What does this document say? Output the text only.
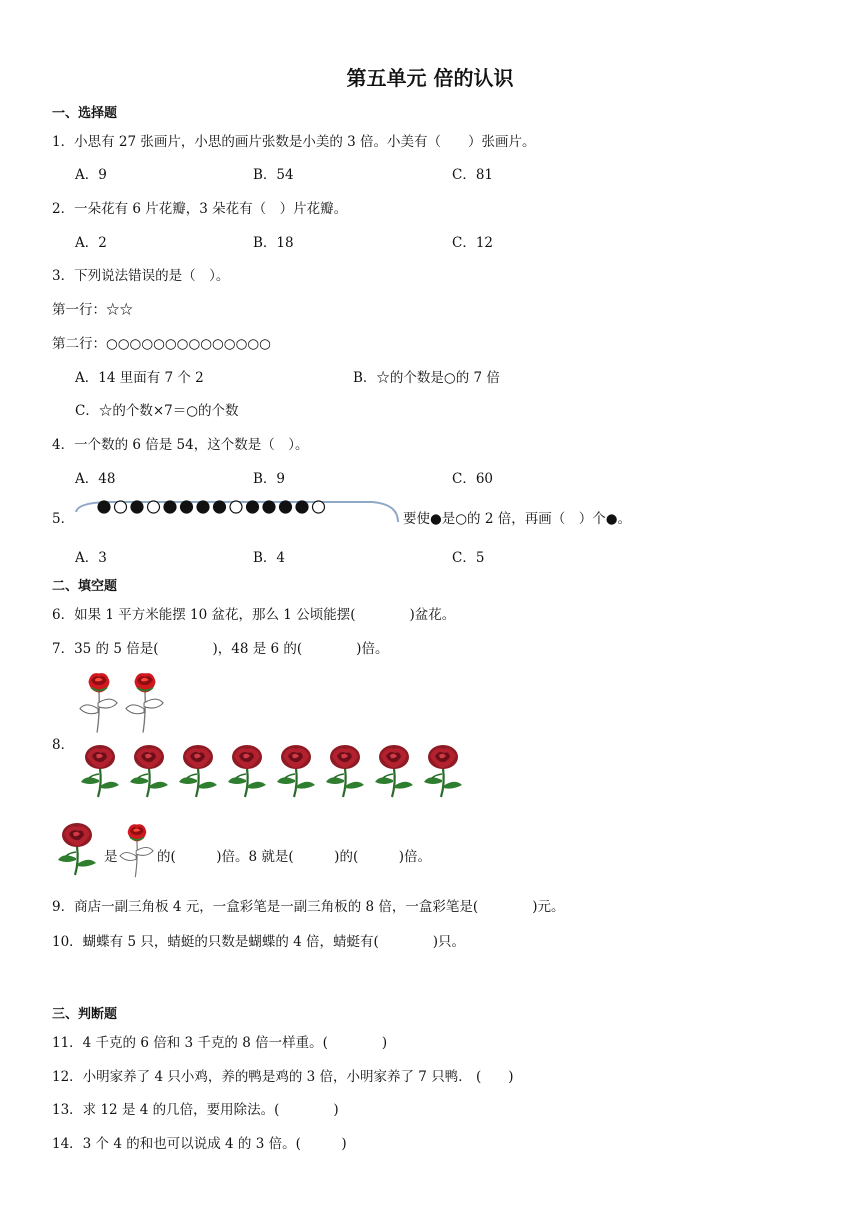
第五单元 倍的认识
一、选择题
1．小思有 27 张画片，小思的画片张数是小美的 3 倍。小美有（　　）张画片。
A．9	B．54	C．81
2．一朵花有 6 片花瓣，3 朵花有（　）片花瓣。
A．2	B．18	C．12
3．下列说法错误的是（　）。
第一行：☆☆
第二行：○○○○○○○○○○○○○○
A．14 里面有 7 个 2	B．☆的个数是○的 7 倍
C．☆的个数×7＝○的个数
4．一个数的 6 倍是 54，这个数是（　）。
A．48	B．9	C．60
5．	要使●是○的 2 倍，再画（　）个●。
A．3	B．4	C．5
二、填空题
6．如果 1 平方米能摆 10 盆花，那么 1 公顷能摆(　　　　)盆花。
7．35 的 5 倍是(　　　　)，48 是 6 的(　　　　)倍。
8．
是	的(　　　)倍。8 就是(　　　)的(　　　)倍。
9．商店一副三角板 4 元，一盒彩笔是一副三角板的 8 倍，一盒彩笔是(　　　　)元。
10．蝴蝶有 5 只，蜻蜓的只数是蝴蝶的 4 倍，蜻蜓有(　　　　)只。
三、判断题
11．4 千克的 6 倍和 3 千克的 8 倍一样重。(　　　　)
12．小明家养了 4 只小鸡，养的鸭是鸡的 3 倍，小明家养了 7 只鸭． (　　)
13．求 12 是 4 的几倍，要用除法。(　　　　)
14．3 个 4 的和也可以说成 4 的 3 倍。(　　　)
